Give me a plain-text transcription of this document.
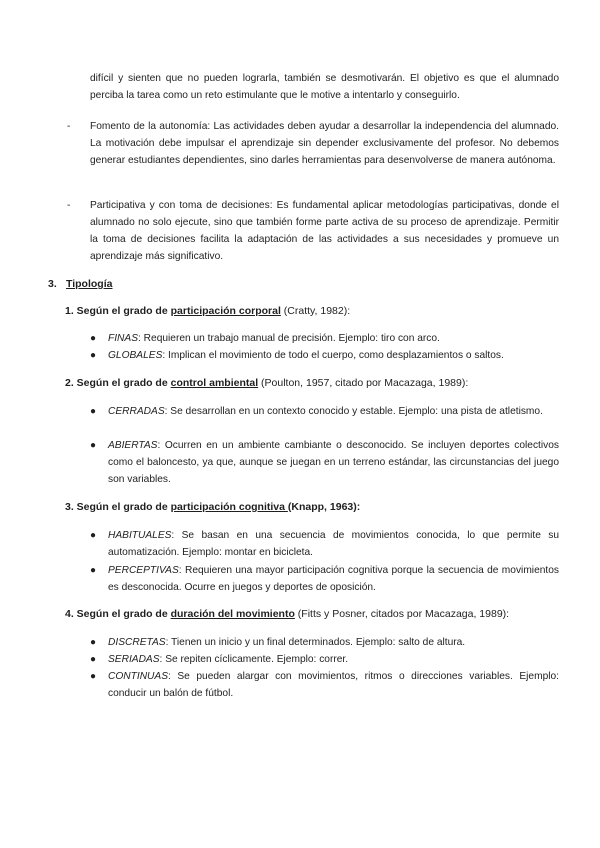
difícil y sienten que no pueden lograrla, también se desmotivarán. El objetivo es que el alumnado perciba la tarea como un reto estimulante que le motive a intentarlo y conseguirlo.

- Fomento de la autonomía: Las actividades deben ayudar a desarrollar la independencia del alumnado. La motivación debe impulsar el aprendizaje sin depender exclusivamente del profesor. No debemos generar estudiantes dependientes, sino darles herramientas para desenvolverse de manera autónoma.

- Participativa y con toma de decisiones: Es fundamental aplicar metodologías participativas, donde el alumnado no solo ejecute, sino que también forme parte activa de su proceso de aprendizaje. Permitir la toma de decisiones facilita la adaptación de las actividades a sus necesidades y promueve un aprendizaje más significativo.

3. Tipología
1. Según el grado de participación corporal (Cratty, 1982):
● FINAS: Requieren un trabajo manual de precisión. Ejemplo: tiro con arco.

● GLOBALES: Implican el movimiento de todo el cuerpo, como desplazamientos o saltos.

2. Según el grado de control ambiental (Poulton, 1957, citado por Macazaga, 1989):
● CERRADAS: Se desarrollan en un contexto conocido y estable. Ejemplo: una pista de atletismo.

● ABIERTAS: Ocurren en un ambiente cambiante o desconocido. Se incluyen deportes colectivos como el baloncesto, ya que, aunque se juegan en un terreno estándar, las circunstancias del juego son variables.

3. Según el grado de participación cognitiva (Knapp, 1963):
● HABITUALES: Se basan en una secuencia de movimientos conocida, lo que permite su automatización. Ejemplo: montar en bicicleta.

● PERCEPTIVAS: Requieren una mayor participación cognitiva porque la secuencia de movimientos es desconocida. Ocurre en juegos y deportes de oposición.

4. Según el grado de duración del movimiento (Fitts y Posner, citados por Macazaga, 1989):
● DISCRETAS: Tienen un inicio y un final determinados. Ejemplo: salto de altura.

● SERIADAS: Se repiten cíclicamente. Ejemplo: correr.

● CONTINUAS: Se pueden alargar con movimientos, ritmos o direcciones variables. Ejemplo: conducir un balón de fútbol.
